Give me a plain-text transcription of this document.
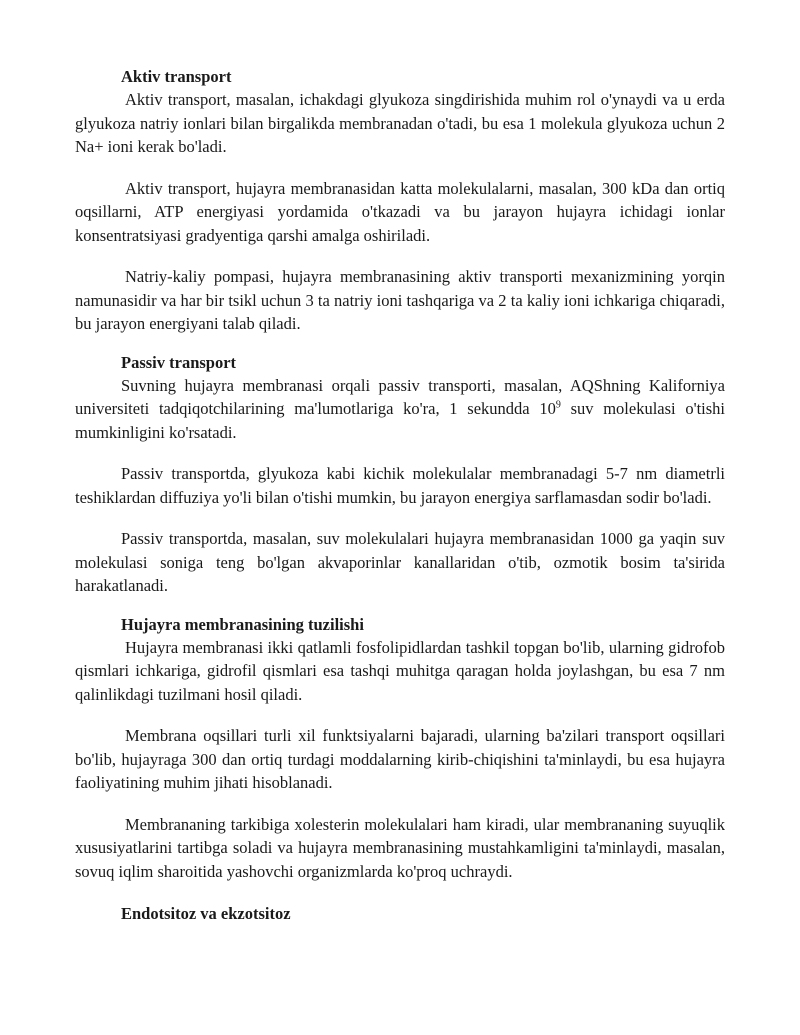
Aktiv transport

Aktiv transport, masalan, ichakdagi glyukoza singdirishida muhim rol o'ynaydi va u erda glyukoza natriy ionlari bilan birgalikda membranadan o'tadi, bu esa 1 molekula glyukoza uchun 2 Na+ ioni kerak bo'ladi.

Aktiv transport, hujayra membranasidan katta molekulalarni, masalan, 300 kDa dan ortiq oqsillarni, ATP energiyasi yordamida o'tkazadi va bu jarayon hujayra ichidagi ionlar konsentratsiyasi gradyentiga qarshi amalga oshiriladi.

Natriy-kaliy pompasi, hujayra membranasining aktiv transporti mexanizmining yorqin namunasidir va har bir tsikl uchun 3 ta natriy ioni tashqariga va 2 ta kaliy ioni ichkariga chiqaradi, bu jarayon energiyani talab qiladi.

Passiv transport

Suvning hujayra membranasi orqali passiv transporti, masalan, AQShning Kaliforniya universiteti tadqiqotchilarining ma'lumotlariga ko'ra, 1 sekundda $10^9$ suv molekulasi o'tishi mumkinligini ko'rsatadi.

Passiv transportda, glyukoza kabi kichik molekulalar membranadagi 5-7 nm diametrli teshiklardan diffuziya yo'li bilan o'tishi mumkin, bu jarayon energiya sarflamasdan sodir bo'ladi.

Passiv transportda, masalan, suv molekulalari hujayra membranasidan 1000 ga yaqin suv molekulasi soniga teng bo'lgan akvaporinlar kanallaridan o'tib, ozmotik bosim ta'sirida harakatlanadi.

Hujayra membranasining tuzilishi

Hujayra membranasi ikki qatlamli fosfolipidlardan tashkil topgan bo'lib, ularning gidrofob qismlari ichkariga, gidrofil qismlari esa tashqi muhitga qaragan holda joylashgan, bu esa 7 nm qalinlikdagi tuzilmani hosil qiladi.

Membrana oqsillari turli xil funktsiyalarni bajaradi, ularning ba'zilari transport oqsillari bo'lib, hujayraga 300 dan ortiq turdagi moddalarning kirib-chiqishini ta'minlaydi, bu esa hujayra faoliyatining muhim jihati hisoblanadi.

Membrananing tarkibiga xolesterin molekulalari ham kiradi, ular membrananing suyuqlik xususiyatlarini tartibga soladi va hujayra membranasining mustahkamligini ta'minlaydi, masalan, sovuq iqlim sharoitida yashovchi organizmlarda ko'proq uchraydi.

Endotsitoz va ekzotsitoz
